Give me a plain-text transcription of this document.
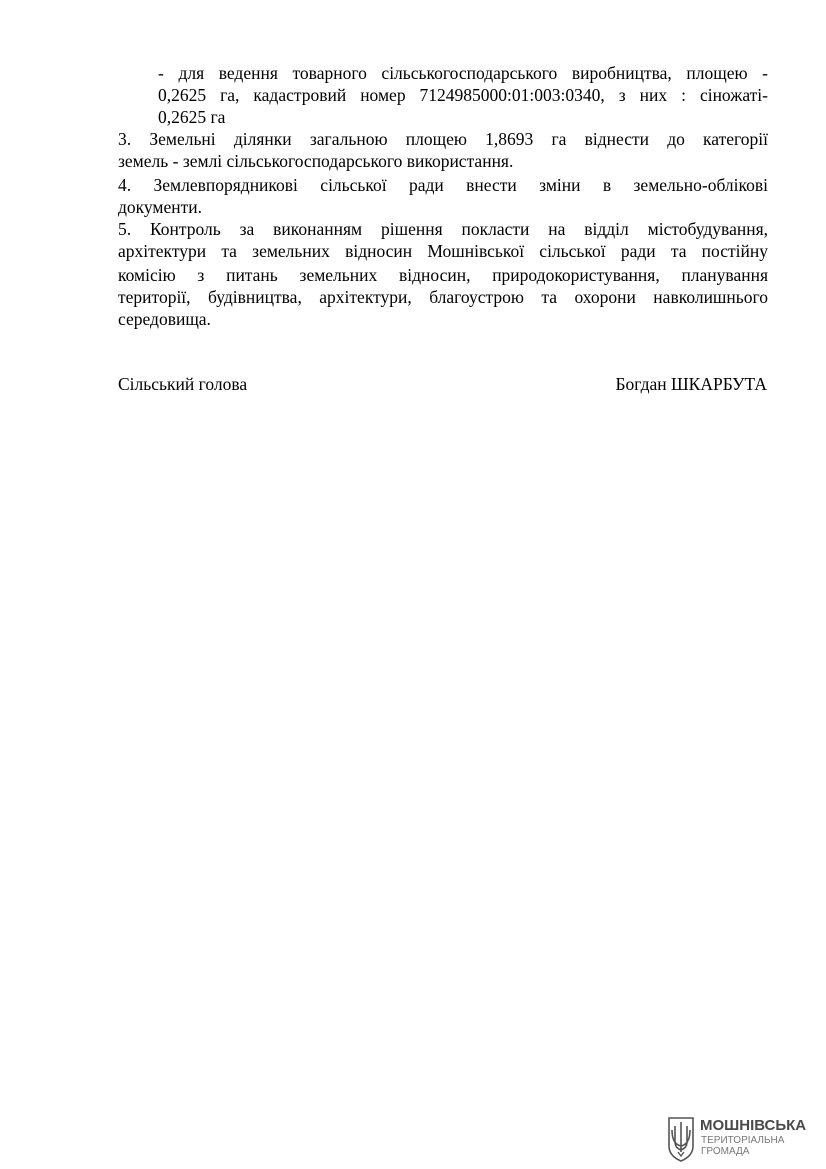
- для ведення товарного сільськогосподарського виробництва, площею -
0,2625 га, кадастровий номер 7124985000:01:003:0340, з них : сіножаті-
0,2625 га
3. Земельні ділянки загальною площею 1,8693 га віднести до категорії
земель - землі сільськогосподарського використання.
4. Землевпорядникові сільської ради внести зміни в земельно-облікові
документи.
5. Контроль за виконанням рішення покласти на відділ містобудування,
архітектури та земельних відносин Мошнівської сільської ради та постійну
комісію з питань земельних відносин, природокористування, планування
території, будівництва, архітектури, благоустрою та охорони навколишнього
середовища.
Сільський голова	Богдан ШКАРБУТА
МОШНІВСЬКА
ТЕРИТОРІАЛЬНА
ГРОМАДА
